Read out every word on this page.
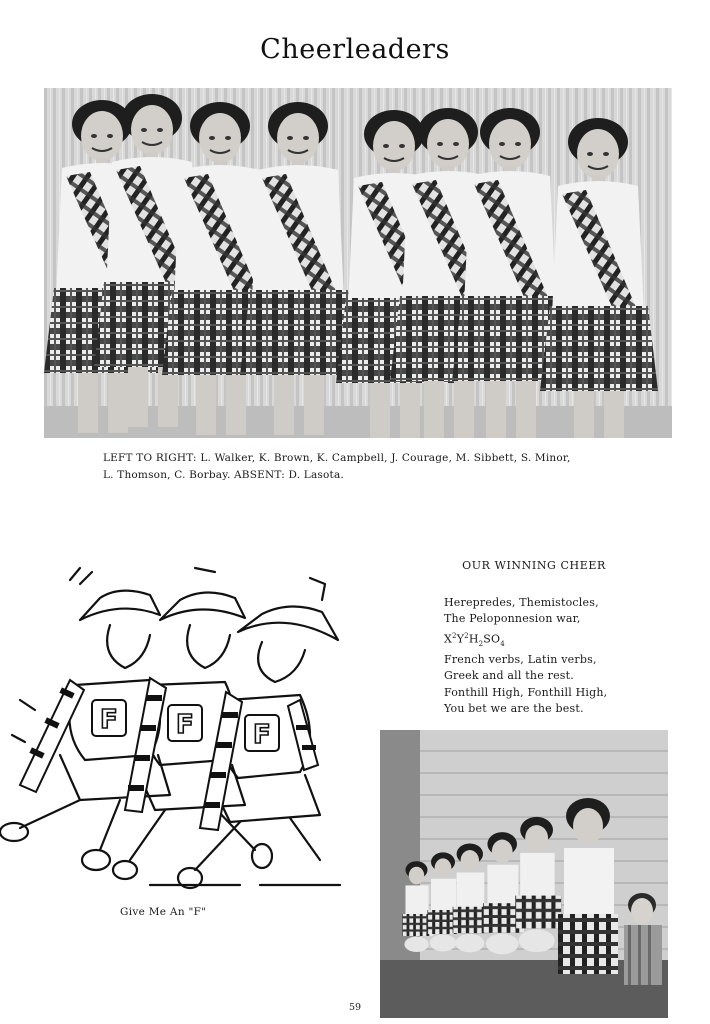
Cheerleaders
LEFT TO RIGHT: L. Walker, K. Brown, K. Campbell, J. Courage, M. Sibbett, S. Minor,
L. Thomson, C. Borbay. ABSENT: D. Lasota.
OUR WINNING CHEER
Herepredes, Themistocles,
The Peloponnesion war,
$X^2Y^2H_2SO_4$
French verbs, Latin verbs,
Greek and all the rest.
Fonthill High, Fonthill High,
You bet we are the best.
F F F
Give Me An "F"
59
